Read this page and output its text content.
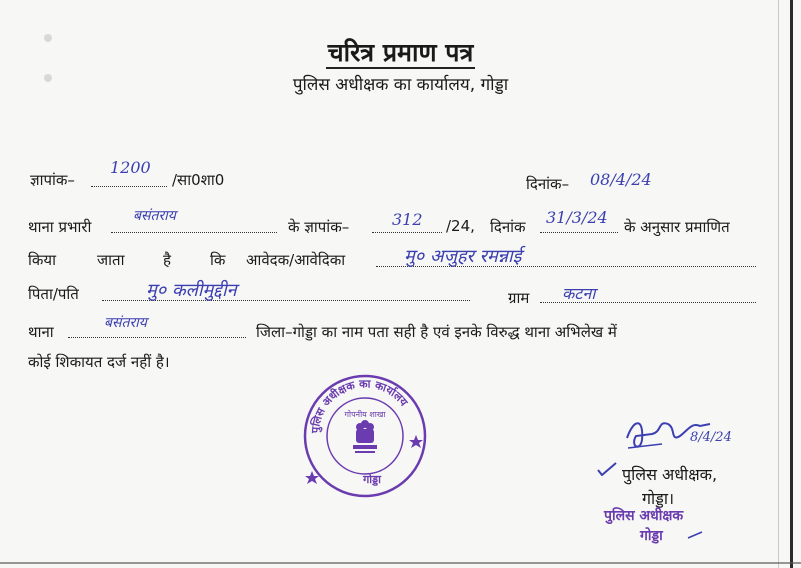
चरित्र प्रमाण पत्र
पुलिस अधीक्षक का कार्यालय, गोड्डा
ज्ञापांक–
1200
/सा0शा0	दिनांक– 08/4/24
थाना प्रभारी
बसंतराय
के ज्ञापांक–	312 /24, दिनांक 31/3/24 के अनुसार प्रमाणित
किया	जाता	है	कि आवेदक/आवेदिका	मु० अजुहर रमन्नाई
पिता/पति	मु० कलीमुद्दीन	ग्राम कटना
थाना	बसंतराय	जिला–गोड्डा का नाम पता सही है एवं इनके विरुद्ध थाना अभिलेख में
कोई शिकायत दर्ज नहीं है।
पुलिस अधीक्षक का कार्यालय
गोपनीय शाखा
गोड्डा
8/4/24
पुलिस अधीक्षक,
गोड्डा।
पुलिस अधीक्षक
गोड्डा
